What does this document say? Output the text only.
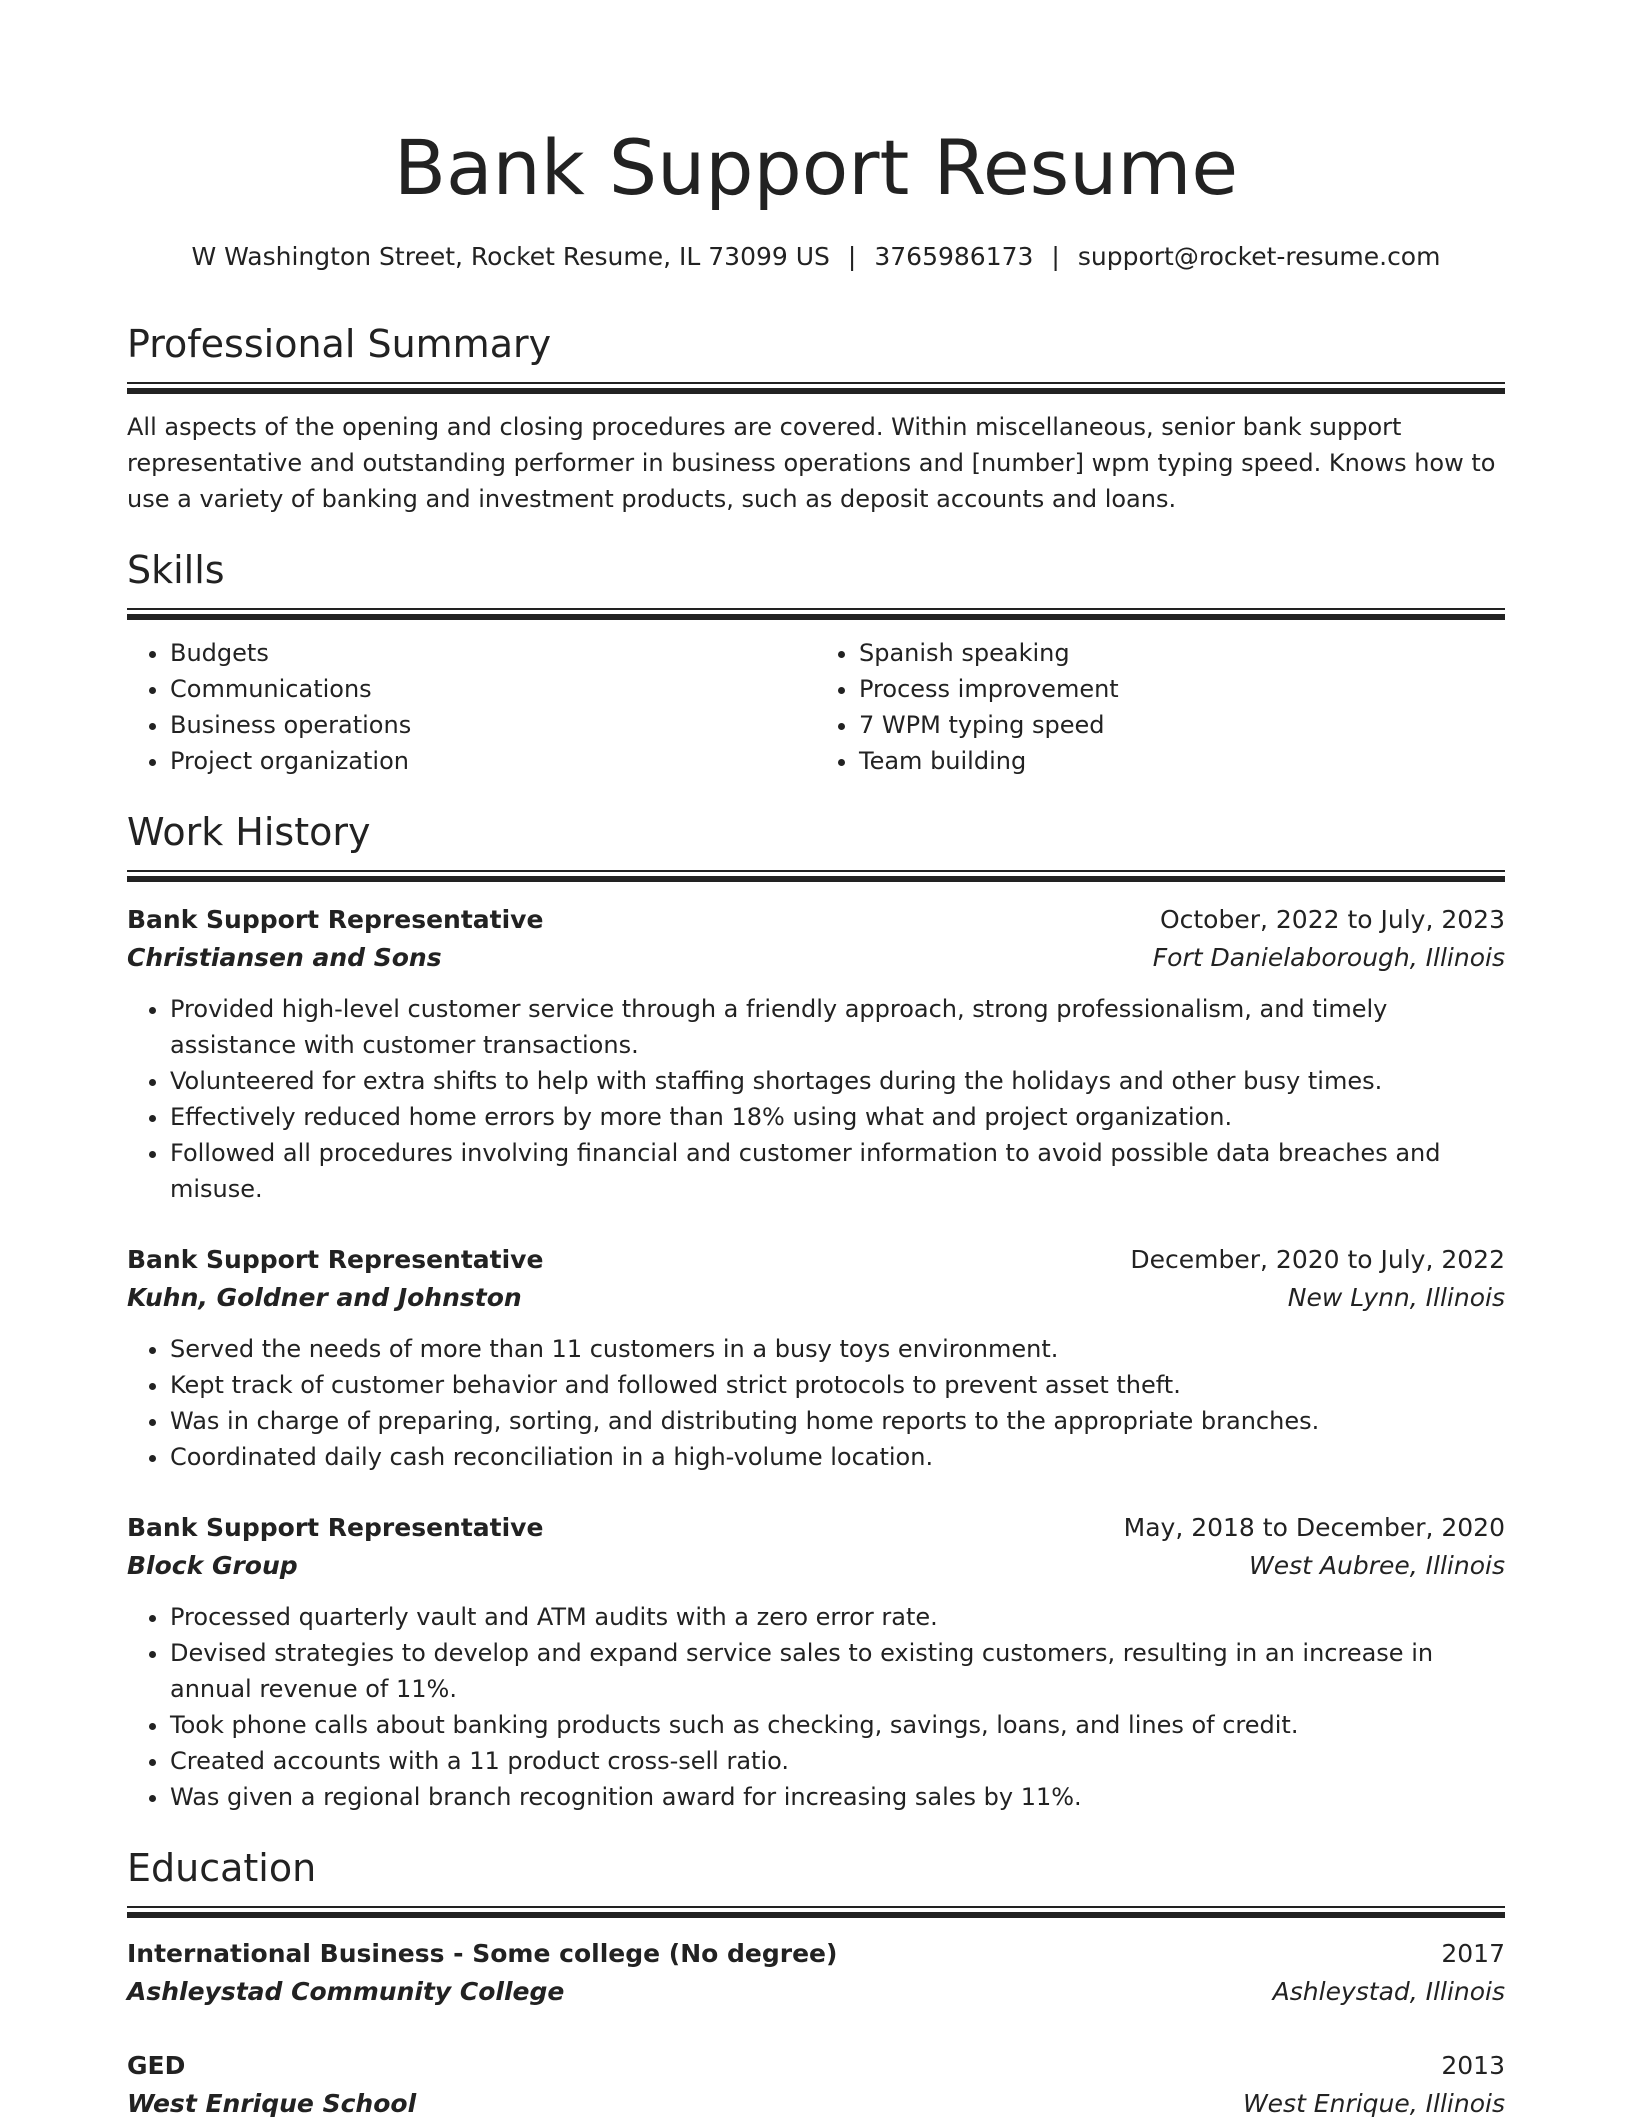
Bank Support Resume
W Washington Street, Rocket Resume, IL 73099 US | 3765986173 | support@rocket-resume.com
Professional Summary

All aspects of the opening and closing procedures are covered. Within miscellaneous, senior bank support representative and outstanding performer in business operations and [number] wpm typing speed. Knows how to use a variety of banking and investment products, such as deposit accounts and loans.

Skills
• Budgets
• Communications
• Business operations
• Project organization
• Spanish speaking
• Process improvement
• 7 WPM typing speed
• Team building
Work History
Bank Support Representative	October, 2022 to July, 2023
Christiansen and Sons	Fort Danielaborough, Illinois
• Provided high-level customer service through a friendly approach, strong professionalism, and timely assistance with customer transactions.
• Volunteered for extra shifts to help with staffing shortages during the holidays and other busy times.
• Effectively reduced home errors by more than 18% using what and project organization.
• Followed all procedures involving financial and customer information to avoid possible data breaches and misuse.
Bank Support Representative	December, 2020 to July, 2022
Kuhn, Goldner and Johnston	New Lynn, Illinois
• Served the needs of more than 11 customers in a busy toys environment.
• Kept track of customer behavior and followed strict protocols to prevent asset theft.
• Was in charge of preparing, sorting, and distributing home reports to the appropriate branches.
• Coordinated daily cash reconciliation in a high-volume location.
Bank Support Representative	May, 2018 to December, 2020
Block Group	West Aubree, Illinois
• Processed quarterly vault and ATM audits with a zero error rate.
• Devised strategies to develop and expand service sales to existing customers, resulting in an increase in annual revenue of 11%.
• Took phone calls about banking products such as checking, savings, loans, and lines of credit.
• Created accounts with a 11 product cross-sell ratio.
• Was given a regional branch recognition award for increasing sales by 11%.
Education
International Business - Some college (No degree)	2017
Ashleystad Community College	Ashleystad, Illinois
GED	2013
West Enrique School	West Enrique, Illinois
